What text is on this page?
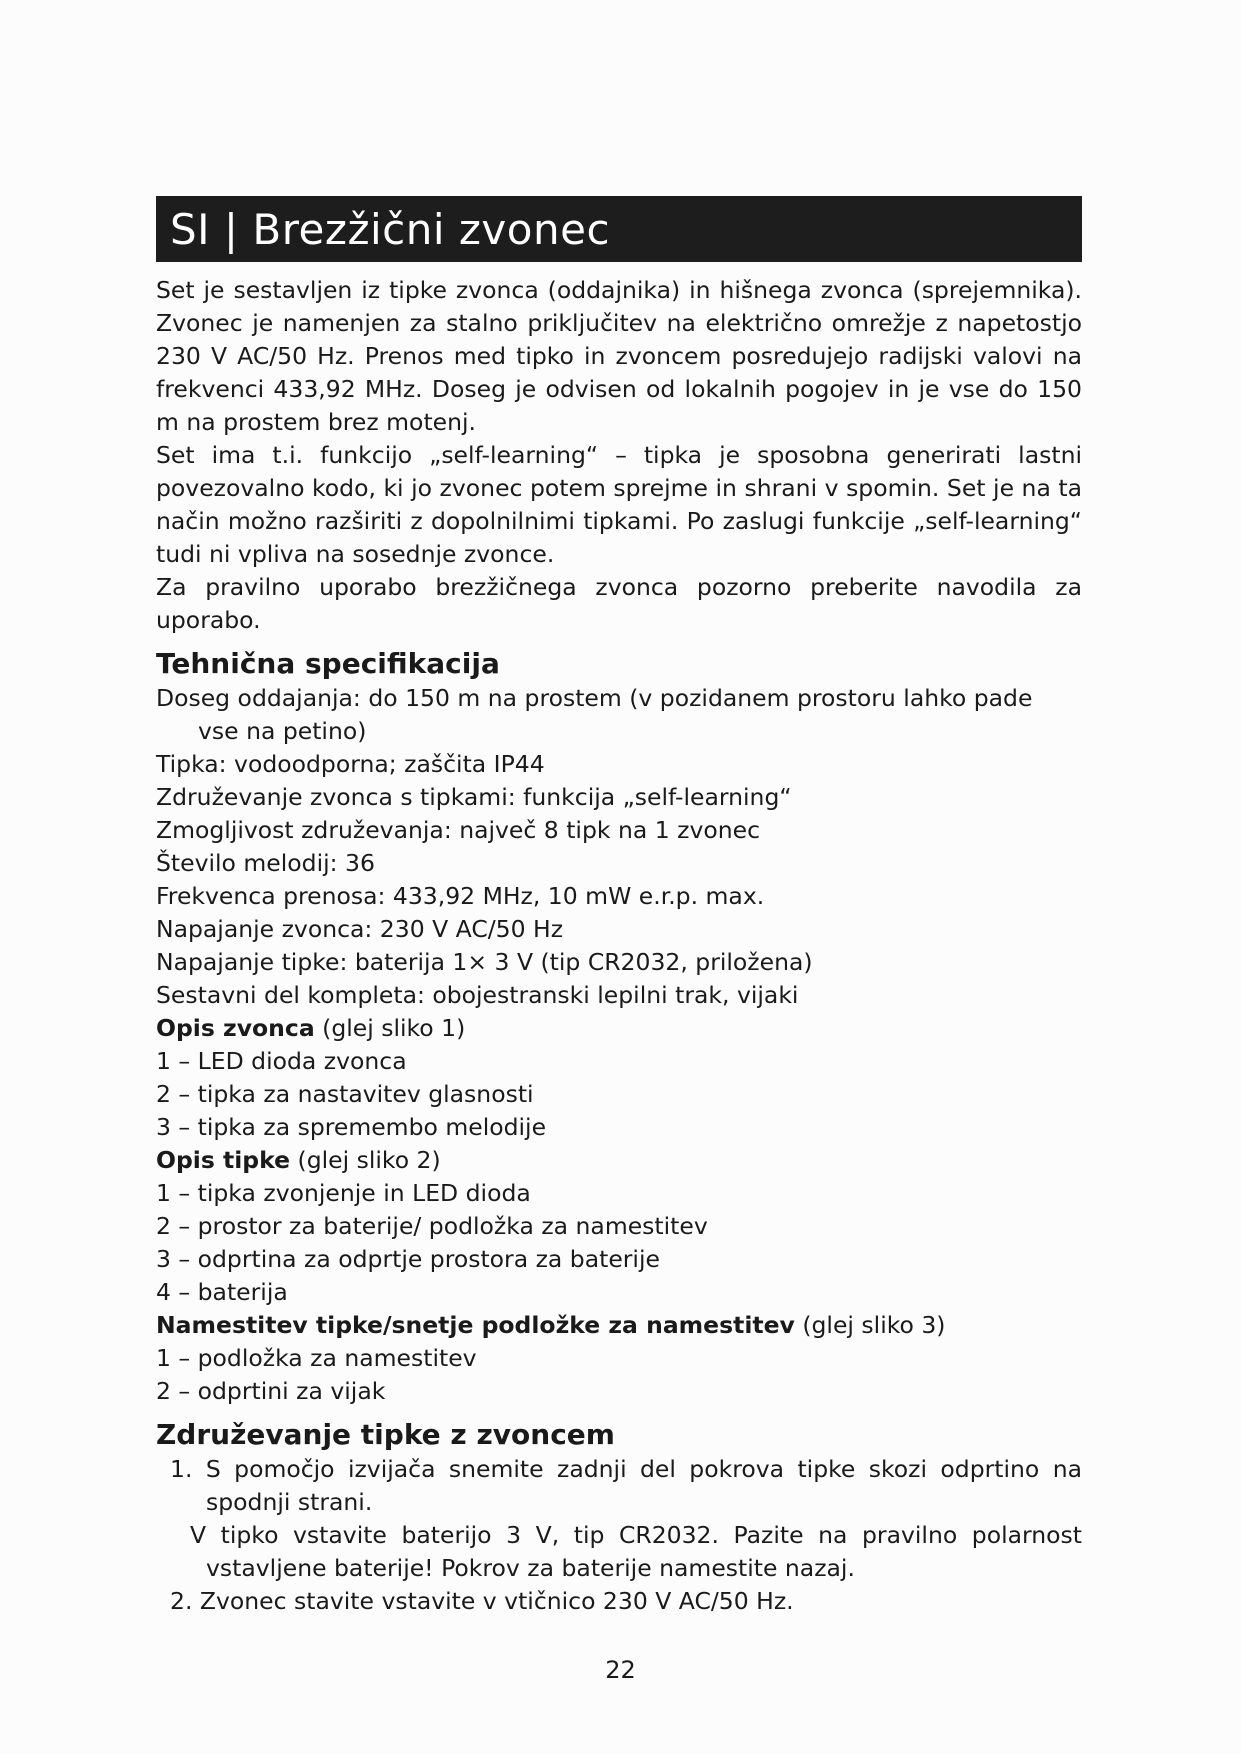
SI | Brezžični zvonec

Set je sestavljen iz tipke zvonca (oddajnika) in hišnega zvonca (sprejemnika). Zvonec je namenjen za stalno priključitev na električno omrežje z napetostjo 230 V AC/50 Hz. Prenos med tipko in zvoncem posredujejo radijski valovi na frekvenci 433,92 MHz. Doseg je odvisen od lokalnih pogojev in je vse do 150 m na prostem brez motenj.

Set ima t.i. funkcijo „self-learning“ – tipka je sposobna generirati lastni povezovalno kodo, ki jo zvonec potem sprejme in shrani v spomin. Set je na ta način možno razširiti z dopolnilnimi tipkami. Po zaslugi funkcije „self-learning“ tudi ni vpliva na sosednje zvonce.

Za pravilno uporabo brezžičnega zvonca pozorno preberite navodila za uporabo.

Tehnična specifikacija

Doseg oddajanja: do 150 m na prostem (v pozidanem prostoru lahko pade
vse na petino)

Tipka: vodoodporna; zaščita IP44

Združevanje zvonca s tipkami: funkcija „self-learning“

Zmogljivost združevanja: največ 8 tipk na 1 zvonec

Število melodij: 36

Frekvenca prenosa: 433,92 MHz, 10 mW e.r.p. max.

Napajanje zvonca: 230 V AC/50 Hz

Napajanje tipke: baterija 1× 3 V (tip CR2032, priložena)

Sestavni del kompleta: obojestranski lepilni trak, vijaki

Opis zvonca (glej sliko 1)

1 – LED dioda zvonca

2 – tipka za nastavitev glasnosti

3 – tipka za spremembo melodije

Opis tipke (glej sliko 2)

1 – tipka zvonjenje in LED dioda

2 – prostor za baterije/ podložka za namestitev

3 – odprtina za odprtje prostora za baterije

4 – baterija

Namestitev tipke/snetje podložke za namestitev (glej sliko 3)

1 – podložka za namestitev

2 – odprtini za vijak

Združevanje tipke z zvoncem

1. S pomočjo izvijača snemite zadnji del pokrova tipke skozi odprtino na spodnji strani.

V tipko vstavite baterijo 3 V, tip CR2032. Pazite na pravilno polarnost vstavljene baterije! Pokrov za baterije namestite nazaj.

2. Zvonec stavite vstavite v vtičnico 230 V AC/50 Hz.

22
